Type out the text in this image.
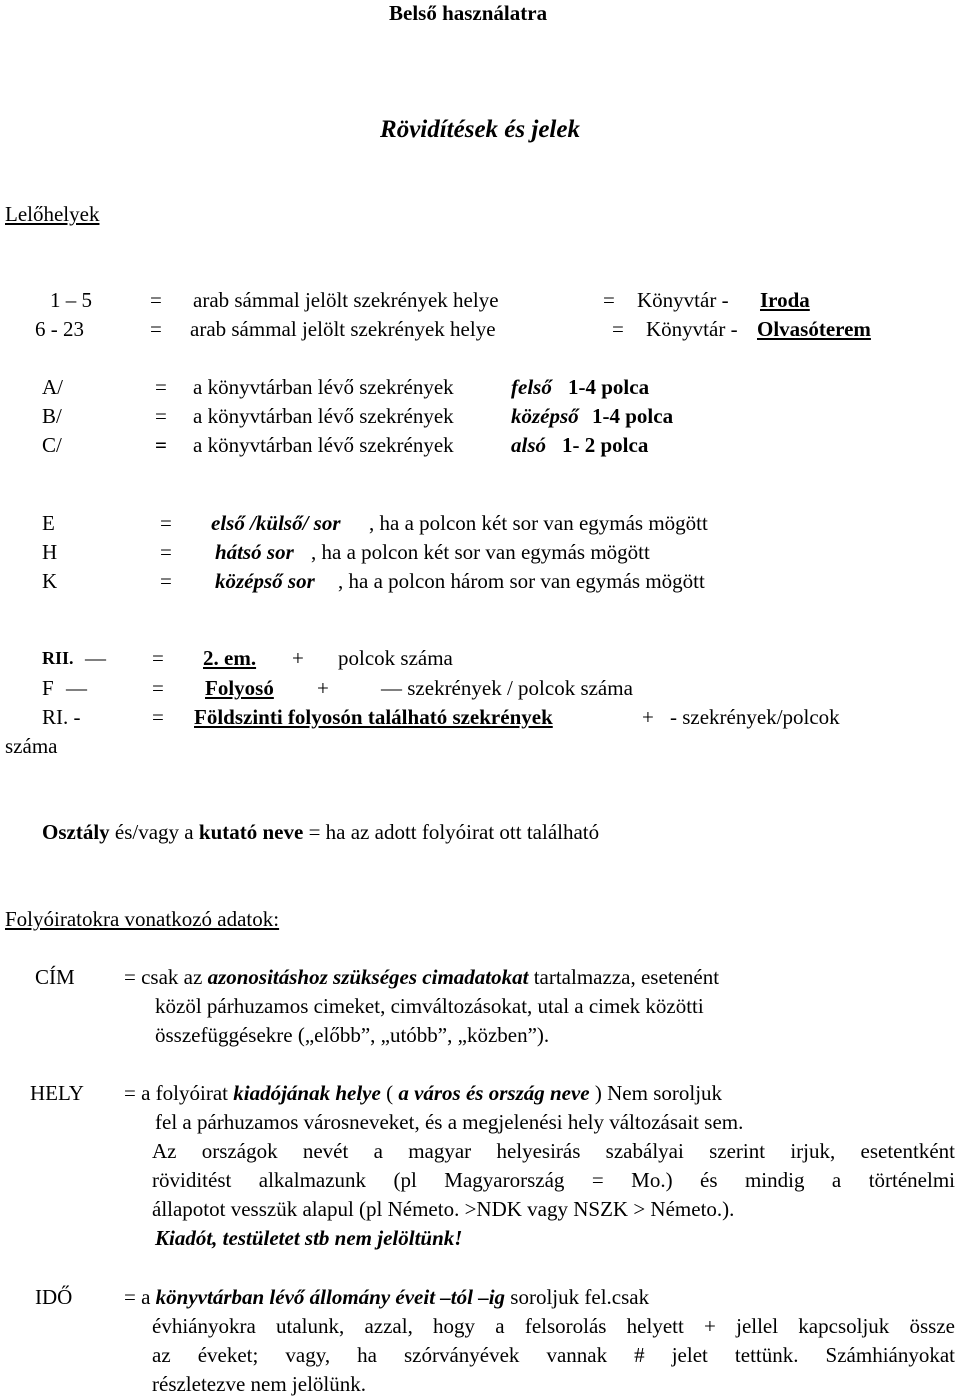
Belső használatra
Rövidítések és jelek
Lelőhelyek
1 – 5	= arab sámmal jelölt szekrények helye	= Könyvtár - Iroda
6 - 23	= arab sámmal jelölt szekrények helye	= Könyvtár - Olvasóterem
A/	= a könyvtárban lévő szekrények	felső 1-4 polca
B/	= a könyvtárban lévő szekrények	középső 1-4 polca
C/	= a könyvtárban lévő szekrények	alsó 1- 2 polca
E	= első /külső/ sor , ha a polcon két sor van egymás mögött
H	= hátsó sor , ha a polcon két sor van egymás mögött
K	= középső sor , ha a polcon három sor van egymás mögött
RII. — = 2. em. + polcok száma
F —	= Folyosó + — szekrények / polcok száma
RI. -	= Földszinti folyosón található szekrények	+ - szekrények/polcok
száma
Osztály és/vagy a kutató neve = ha az adott folyóirat ott található
Folyóiratokra vonatkozó adatok:
CÍM = csak az azonositáshoz szükséges cimadatokat tartalmazza, esetenént
közöl párhuzamos cimeket, cimváltozásokat, utal a cimek közötti
összefüggésekre („előbb”, „utóbb”, „közben”).
HELY = a folyóirat kiadójának helye ( a város és ország neve ) Nem soroljuk
fel a párhuzamos városneveket, és a megjelenési hely változásait sem.
Az országok nevét a magyar helyesirás szabályai szerint irjuk, esetentként
röviditést alkalmazunk (pl Magyarország = Mo.) és mindig a történelmi
állapotot vesszük alapul (pl Németo. >NDK vagy NSZK > Németo.).
Kiadót, testületet stb nem jelöltünk!
IDŐ = a könyvtárban lévő állomány éveit –tól –ig soroljuk fel.csak
évhiányokra utalunk, azzal, hogy a felsorolás helyett + jellel kapcsoljuk össze
az éveket; vagy, ha szórványévek vannak # jelet tettünk. Számhiányokat
részletezve nem jelölünk.
